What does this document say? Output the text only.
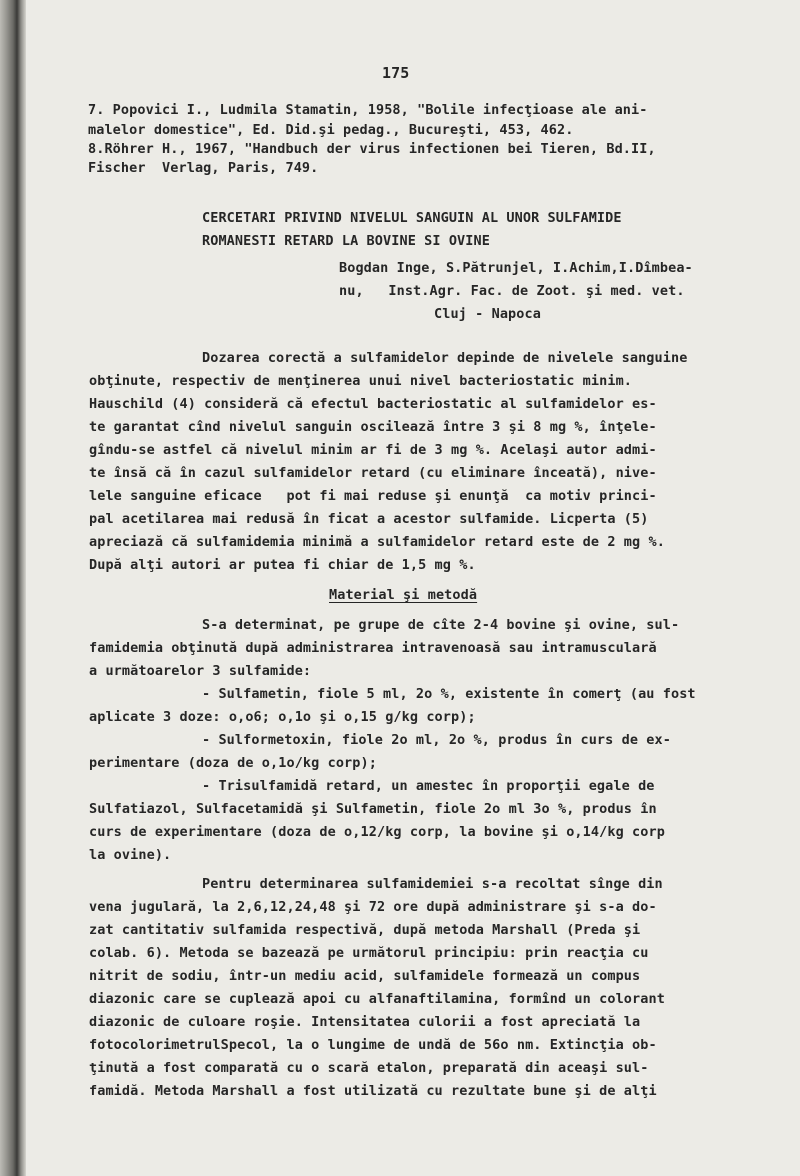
175
7. Popovici I., Ludmila Stamatin, 1958, "Bolile infecţioase ale ani-
malelor domestice", Ed. Did.şi pedag., Bucureşti, 453, 462.
8.Röhrer H., 1967, "Handbuch der virus infectionen bei Tieren, Bd.II,
Fischer  Verlag, Paris, 749.
CERCETARI PRIVIND NIVELUL SANGUIN AL UNOR SULFAMIDE
ROMANESTI RETARD LA BOVINE SI OVINE
Bogdan Inge, S.Pătrunjel, I.Achim,I.Dîmbea-
nu,   Inst.Agr. Fac. de Zoot. şi med. vet.
Cluj - Napoca
Dozarea corectă a sulfamidelor depinde de nivelele sanguine
obţinute, respectiv de menţinerea unui nivel bacteriostatic minim.
Hauschild (4) consideră că efectul bacteriostatic al sulfamidelor es-
te garantat cînd nivelul sanguin oscilează între 3 şi 8 mg %, înţele-
gîndu-se astfel că nivelul minim ar fi de 3 mg %. Acelaşi autor admi-
te însă că în cazul sulfamidelor retard (cu eliminare înceată), nive-
lele sanguine eficace   pot fi mai reduse şi enunţă  ca motiv princi-
pal acetilarea mai redusă în ficat a acestor sulfamide. Licperta (5)
apreciază că sulfamidemia minimă a sulfamidelor retard este de 2 mg %.
După alţi autori ar putea fi chiar de 1,5 mg %.
Material şi metodă
S-a determinat, pe grupe de cîte 2-4 bovine şi ovine, sul-
famidemia obţinută după administrarea intravenoasă sau intramusculară
a următoarelor 3 sulfamide:
- Sulfametin, fiole 5 ml, 2o %, existente în comerţ (au fost
aplicate 3 doze: o,o6; o,1o şi o,15 g/kg corp);
- Sulformetoxin, fiole 2o ml, 2o %, produs în curs de ex-
perimentare (doza de o,1o/kg corp);
- Trisulfamidă retard, un amestec în proporţii egale de
Sulfatiazol, Sulfacetamidă şi Sulfametin, fiole 2o ml 3o %, produs în
curs de experimentare (doza de o,12/kg corp, la bovine şi o,14/kg corp
la ovine).
Pentru determinarea sulfamidemiei s-a recoltat sînge din
vena jugulară, la 2,6,12,24,48 şi 72 ore după administrare şi s-a do-
zat cantitativ sulfamida respectivă, după metoda Marshall (Preda şi
colab. 6). Metoda se bazează pe următorul principiu: prin reacţia cu
nitrit de sodiu, într-un mediu acid, sulfamidele formează un compus
diazonic care se cuplează apoi cu alfanaftilamina, formînd un colorant
diazonic de culoare roşie. Intensitatea culorii a fost apreciată la
fotocolorimetrulSpecol, la o lungime de undă de 56o nm. Extincţia ob-
ţinută a fost comparată cu o scară etalon, preparată din aceaşi sul-
famidă. Metoda Marshall a fost utilizată cu rezultate bune şi de alţi
